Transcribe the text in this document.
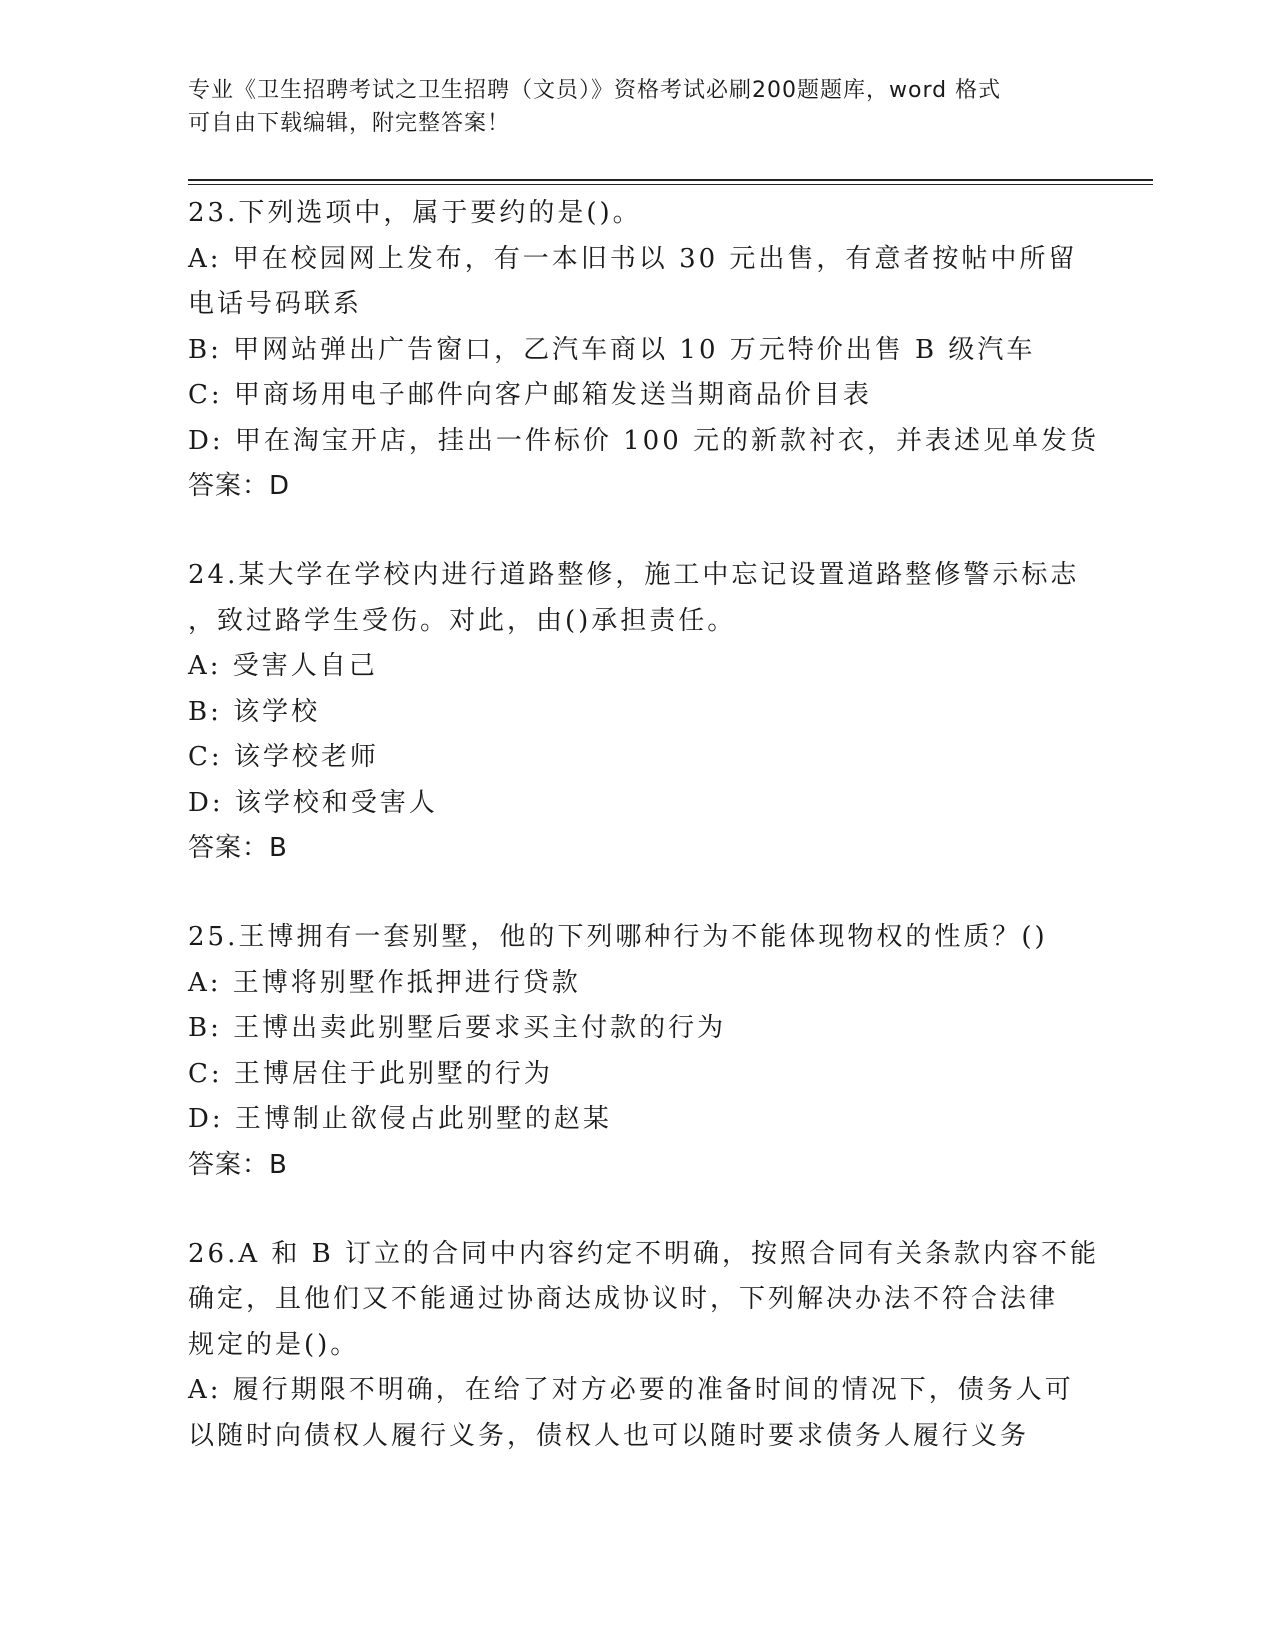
专业《卫生招聘考试之卫生招聘（文员）》资格考试必刷200题题库，word 格式
可自由下载编辑，附完整答案！
23.下列选项中，属于要约的是()。
A: 甲在校园网上发布，有一本旧书以 30 元出售，有意者按帖中所留
电话号码联系
B: 甲网站弹出广告窗口，乙汽车商以 10 万元特价出售 B 级汽车
C: 甲商场用电子邮件向客户邮箱发送当期商品价目表
D: 甲在淘宝开店，挂出一件标价 100 元的新款衬衣，并表述见单发货
答案：D
24.某大学在学校内进行道路整修，施工中忘记设置道路整修警示标志
，致过路学生受伤。对此，由()承担责任。
A: 受害人自己
B: 该学校
C: 该学校老师
D: 该学校和受害人
答案：B
25.王博拥有一套别墅，他的下列哪种行为不能体现物权的性质？()
A: 王博将别墅作抵押进行贷款
B: 王博出卖此别墅后要求买主付款的行为
C: 王博居住于此别墅的行为
D: 王博制止欲侵占此别墅的赵某
答案：B
26.A 和 B 订立的合同中内容约定不明确，按照合同有关条款内容不能
确定，且他们又不能通过协商达成协议时，下列解决办法不符合法律
规定的是()。
A: 履行期限不明确，在给了对方必要的准备时间的情况下，债务人可
以随时向债权人履行义务，债权人也可以随时要求债务人履行义务
